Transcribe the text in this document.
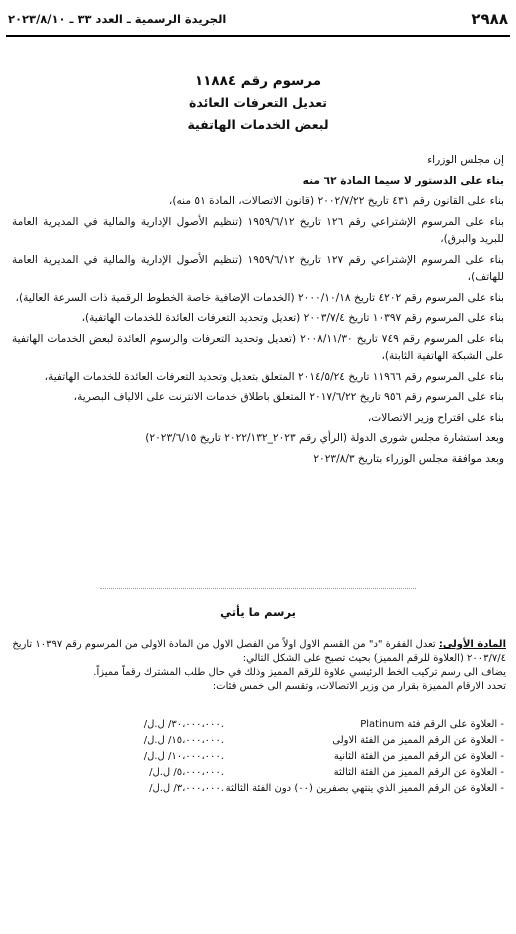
٢٩٨٨
الجريدة الرسمية ـ العدد ٣٣ ـ ٢٠٢٣/٨/١٠
مرسوم رقم ١١٨٨٤
تعديل التعرفات العائدة
لبعض الخدمات الهاتفية

إن مجلس الوزراء

بناء على الدستور لا سيما المادة ٦٢ منه

بناء على القانون رقم ٤٣١ تاريخ ٢٠٠٢/٧/٢٢ (قانون الاتصالات، المادة ٥١ منه)،

بناء على المرسوم الإشتراعي رقم ١٢٦ تاريخ ١٩٥٩/٦/١٢ (تنظيم الأصول الإدارية والمالية في المديرية العامة للبريد والبرق)،

بناء على المرسوم الإشتراعي رقم ١٢٧ تاريخ ١٩٥٩/٦/١٢ (تنظيم الأصول الإدارية والمالية في المديرية العامة للهاتف)،

بناء على المرسوم رقم ٤٢٠٢ تاريخ ٢٠٠٠/١٠/١٨ (الخدمات الإضافية خاصة الخطوط الرقمية ذات السرعة العالية)،

بناء على المرسوم رقم ١٠٣٩٧ تاريخ ٢٠٠٣/٧/٤ (تعديل وتحديد التعرفات العائدة للخدمات الهاتفية)،

بناء على المرسوم رقم ٧٤٩ تاريخ ٢٠٠٨/١١/٣٠ (تعديل وتحديد التعرفات والرسوم العائدة لبعض الخدمات الهاتفية على الشبكة الهاتفية الثابتة)،

بناء على المرسوم رقم ١١٩٦٦ تاريخ ٢٠١٤/٥/٢٤ المتعلق بتعديل وتحديد التعرفات العائدة للخدمات الهاتفية،

بناء على المرسوم رقم ٩٥٦ تاريخ ٢٠١٧/٦/٢٢ المتعلق باطلاق خدمات الانترنت على الالياف البصرية،

بناء على اقتراح وزير الاتصالات،

وبعد استشارة مجلس شورى الدولة (الرأي رقم ٢٠٢٣_٢٠٢٢/١٣٢ تاريخ ٢٠٢٣/٦/١٥)

وبعد موافقة مجلس الوزراء بتاريخ ٢٠٢٣/٨/٣

يرسم ما يأتي

المادة الأولى: تعدل الفقرة "د" من القسم الاول اولاً من الفصل الاول من المادة الاولى من المرسوم رقم ١٠٣٩٧ تاريخ ٢٠٠٣/٧/٤ (العلاوة للرقم المميز) بحيث تصبح على الشكل التالي:

يضاف الى رسم تركيب الخط الرئيسي علاوة للرقم المميز وذلك في حال طلب المشترك رقماً مميزاً.

تحدد الارقام المميزة بقرار من وزير الاتصالات، وتقسم الى خمس فئات:

- العلاوة على الرقم فئة Platinum
/٣٠،٠٠٠،٠٠٠/ ل.ل.
- العلاوة عن الرقم المميز من الفئة الاولى
/١٥،٠٠٠،٠٠٠/ ل.ل.
- العلاوة عن الرقم المميز من الفئة الثانية
/١٠،٠٠٠،٠٠٠/ ل.ل.
- العلاوة عن الرقم المميز من الفئة الثالثة
/٥،٠٠٠،٠٠٠/ ل.ل.
- العلاوة عن الرقم المميز الذي ينتهي بصفرين (٠٠) دون الفئة الثالثة
/٣،٠٠٠،٠٠٠/ ل.ل.
